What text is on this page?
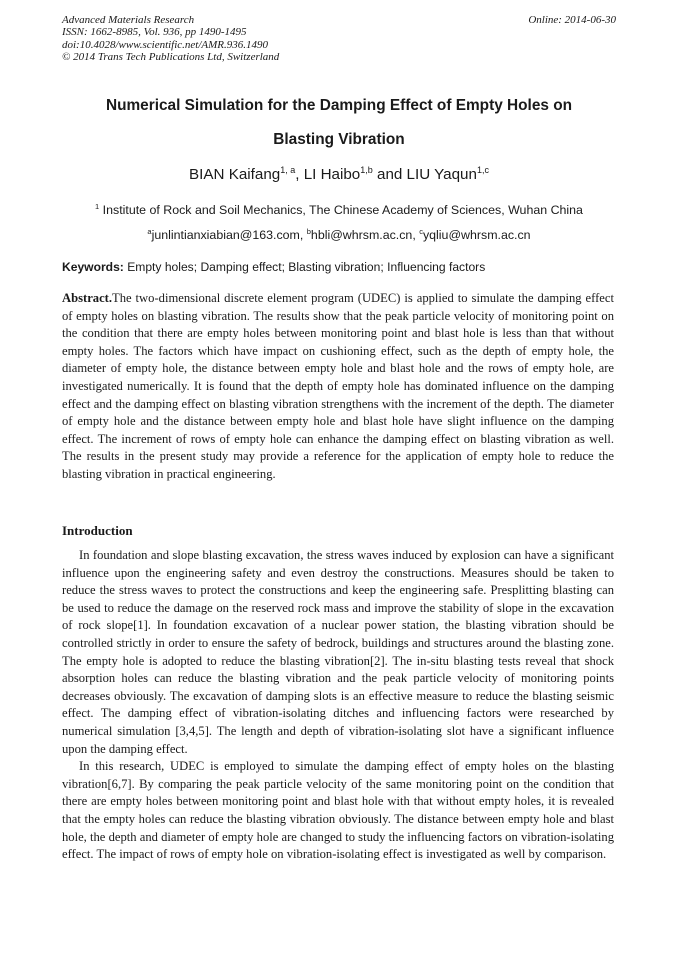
Advanced Materials Research
ISSN: 1662-8985, Vol. 936, pp 1490-1495
doi:10.4028/www.scientific.net/AMR.936.1490
© 2014 Trans Tech Publications Ltd, Switzerland
Online: 2014-06-30
Numerical Simulation for the Damping Effect of Empty Holes on
Blasting Vibration
BIAN Kaifang$^{1, a}$, LI Haibo$^{1,b}$ and LIU Yaqun$^{1,c}$
$^1$ Institute of Rock and Soil Mechanics, The Chinese Academy of Sciences, Wuhan China
$^a$junlintianxiabian@163.com, $^b$hbli@whrsm.ac.cn, $^c$yqliu@whrsm.ac.cn
Keywords: Empty holes; Damping effect; Blasting vibration; Influencing factors

Abstract.The two-dimensional discrete element program (UDEC) is applied to simulate the damping effect of empty holes on blasting vibration. The results show that the peak particle velocity of monitoring point on the condition that there are empty holes between monitoring point and blast hole is less than that without empty holes. The factors which have impact on cushioning effect, such as the depth of empty hole, the diameter of empty hole, the distance between empty hole and blast hole and the rows of empty hole, are investigated numerically. It is found that the depth of empty hole has dominated influence on the damping effect and the damping effect on blasting vibration strengthens with the increment of the depth. The diameter of empty hole and the distance between empty hole and blast hole have slight influence on the damping effect. The increment of rows of empty hole can enhance the damping effect on blasting vibration as well. The results in the present study may provide a reference for the application of empty hole to reduce the blasting vibration in practical engineering.

Introduction

In foundation and slope blasting excavation, the stress waves induced by explosion can have a significant influence upon the engineering safety and even destroy the constructions. Measures should be taken to reduce the stress waves to protect the constructions and keep the engineering safe. Presplitting blasting can be used to reduce the damage on the reserved rock mass and improve the stability of slope in the excavation of rock slope[1]. In foundation excavation of a nuclear power station, the blasting vibration should be controlled strictly in order to ensure the safety of bedrock, buildings and structures around the blasting zone. The empty hole is adopted to reduce the blasting vibration[2]. The in-situ blasting tests reveal that shock absorption holes can reduce the blasting vibration and the peak particle velocity of monitoring points decreases obviously. The excavation of damping slots is an effective measure to reduce the blasting seismic effect. The damping effect of vibration-isolating ditches and influencing factors were researched by numerical simulation [3,4,5]. The length and depth of vibration-isolating slot have a significant influence upon the damping effect.

In this research, UDEC is employed to simulate the damping effect of empty holes on the blasting vibration[6,7]. By comparing the peak particle velocity of the same monitoring point on the condition that there are empty holes between monitoring point and blast hole with that without empty holes, it is revealed that the empty holes can reduce the blasting vibration obviously. The distance between empty hole and blast hole, the depth and diameter of empty hole are changed to study the influencing factors on vibration-isolating effect. The impact of rows of empty hole on vibration-isolating effect is investigated as well by comparison.
